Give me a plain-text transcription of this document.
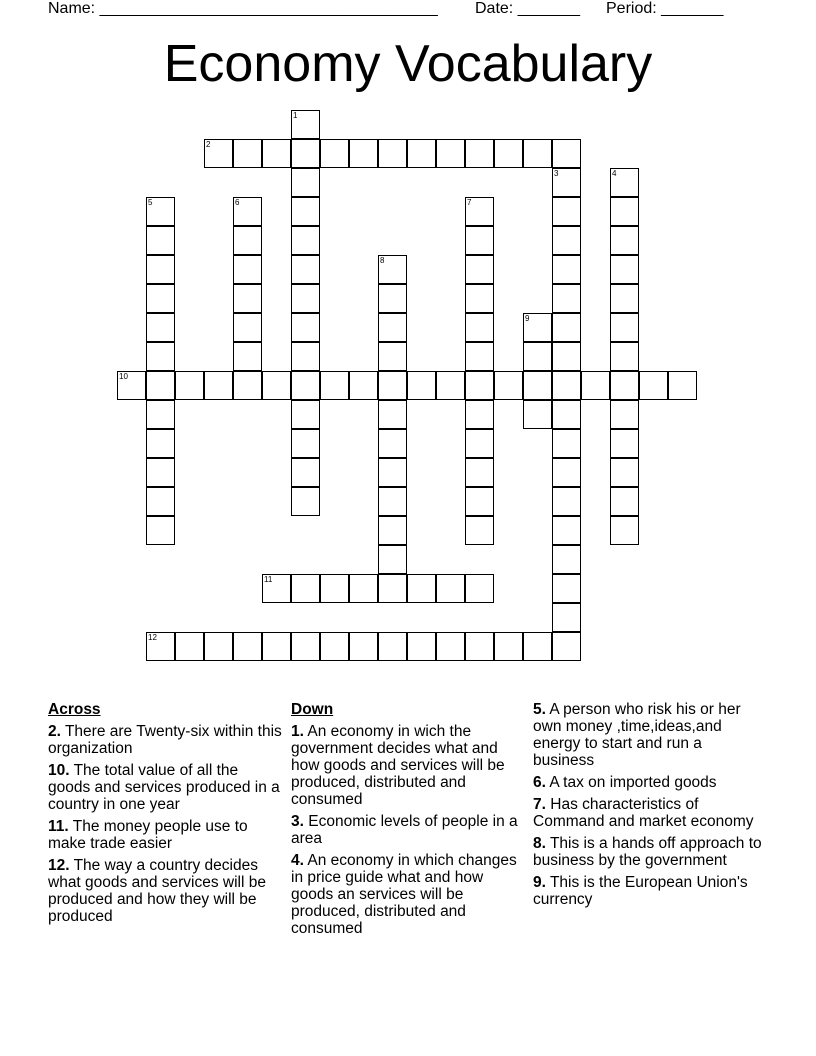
Name: ______________________________________ Date: _______ Period: _______
Economy Vocabulary
1
2
3	4
5	6	7
8
9
10
11
12
Across
2. There are Twenty-six within this organization
10. The total value of all the goods and services produced in a country in one year
11. The money people use to make trade easier
12. The way a country decides what goods and services will be produced and how they will be produced
Down
1. An economy in wich the government decides what and how goods and services will be produced, distributed and consumed
3. Economic levels of people in a area
4. An economy in which changes in price guide what and how goods an services will be produced, distributed and consumed
5. A person who risk his or her own money ,time,ideas,and energy to start and run a business
6. A tax on imported goods
7. Has characteristics of Command and market economy
8. This is a hands off approach to business by the government
9. This is the European Union's currency
